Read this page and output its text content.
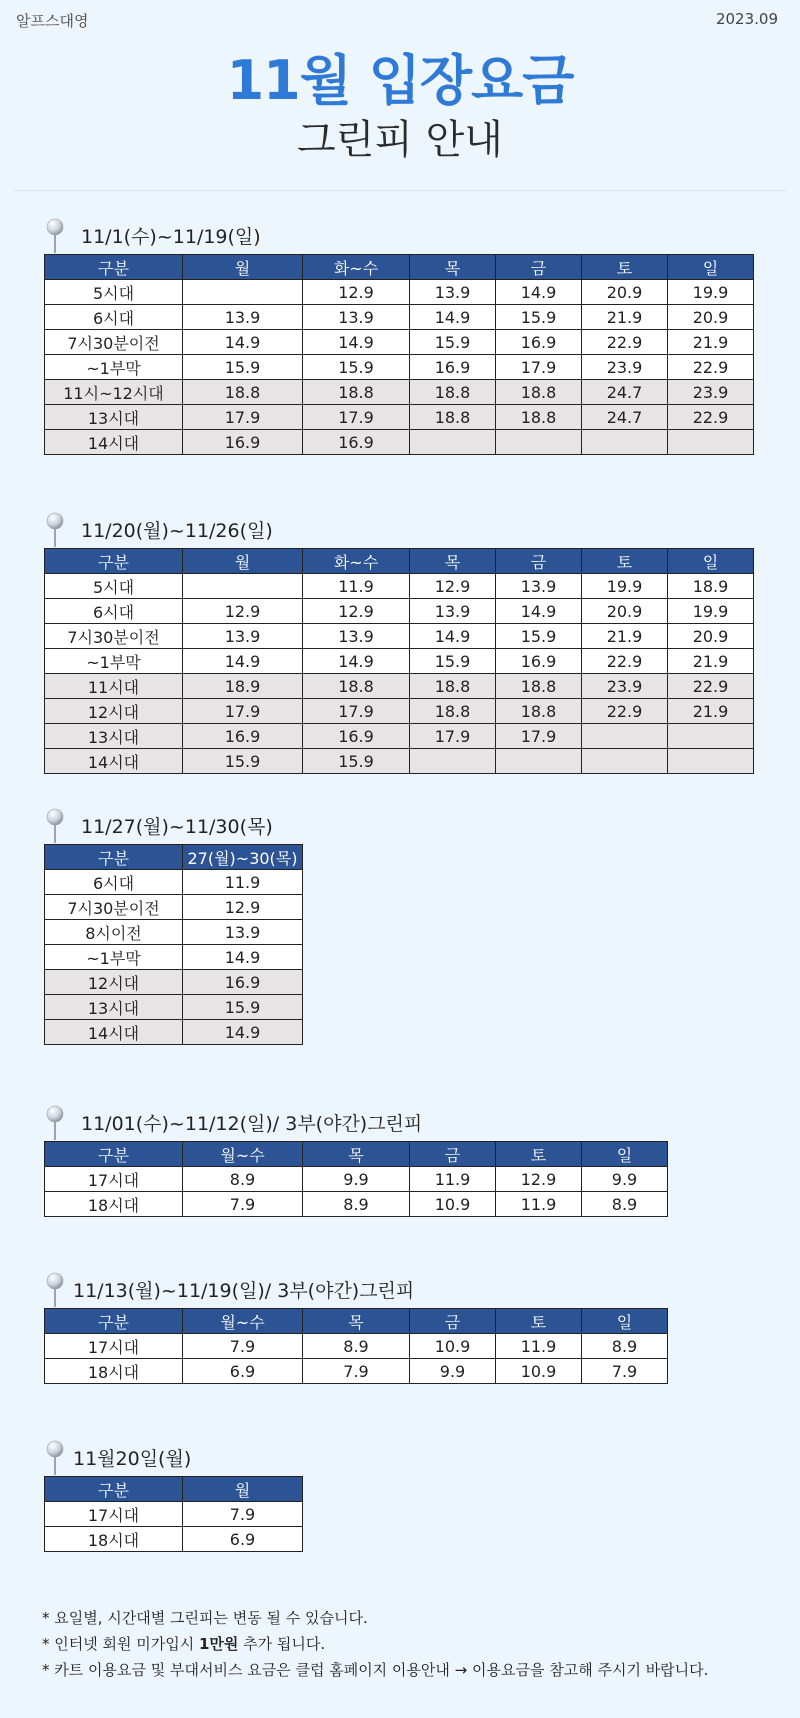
알프스대영	2023.09
11월 입장요금
그린피 안내
11/1(수)~11/19(일)
구분	월	화~수	목	금	토	일
5시대		12.9	13.9	14.9	20.9	19.9
6시대	13.9	13.9	14.9	15.9	21.9	20.9
7시30분이전	14.9	14.9	15.9	16.9	22.9	21.9
~1부막	15.9	15.9	16.9	17.9	23.9	22.9
11시~12시대	18.8	18.8	18.8	18.8	24.7	23.9
13시대	17.9	17.9	18.8	18.8	24.7	22.9
14시대	16.9	16.9				
11/20(월)~11/26(일)
구분	월	화~수	목	금	토	일
5시대		11.9	12.9	13.9	19.9	18.9
6시대	12.9	12.9	13.9	14.9	20.9	19.9
7시30분이전	13.9	13.9	14.9	15.9	21.9	20.9
~1부막	14.9	14.9	15.9	16.9	22.9	21.9
11시대	18.9	18.8	18.8	18.8	23.9	22.9
12시대	17.9	17.9	18.8	18.8	22.9	21.9
13시대	16.9	16.9	17.9	17.9		
14시대	15.9	15.9				
11/27(월)~11/30(목)
구분	27(월)~30(목)
6시대	11.9
7시30분이전	12.9
8시이전	13.9
~1부막	14.9
12시대	16.9
13시대	15.9
14시대	14.9
11/01(수)~11/12(일)/ 3부(야간)그린피
구분	월~수	목	금	토	일
17시대	8.9	9.9	11.9	12.9	9.9
18시대	7.9	8.9	10.9	11.9	8.9
11/13(월)~11/19(일)/ 3부(야간)그린피
구분	월~수	목	금	토	일
17시대	7.9	8.9	10.9	11.9	8.9
18시대	6.9	7.9	9.9	10.9	7.9
11월20일(월)
구분	월
17시대	7.9
18시대	6.9
* 요일별, 시간대별 그린피는 변동 될 수 있습니다.
* 인터넷 회원 미가입시 1만원 추가 됩니다.
* 카트 이용요금 및 부대서비스 요금은 클럽 홈페이지 이용안내 → 이용요금을 참고해 주시기 바랍니다.
